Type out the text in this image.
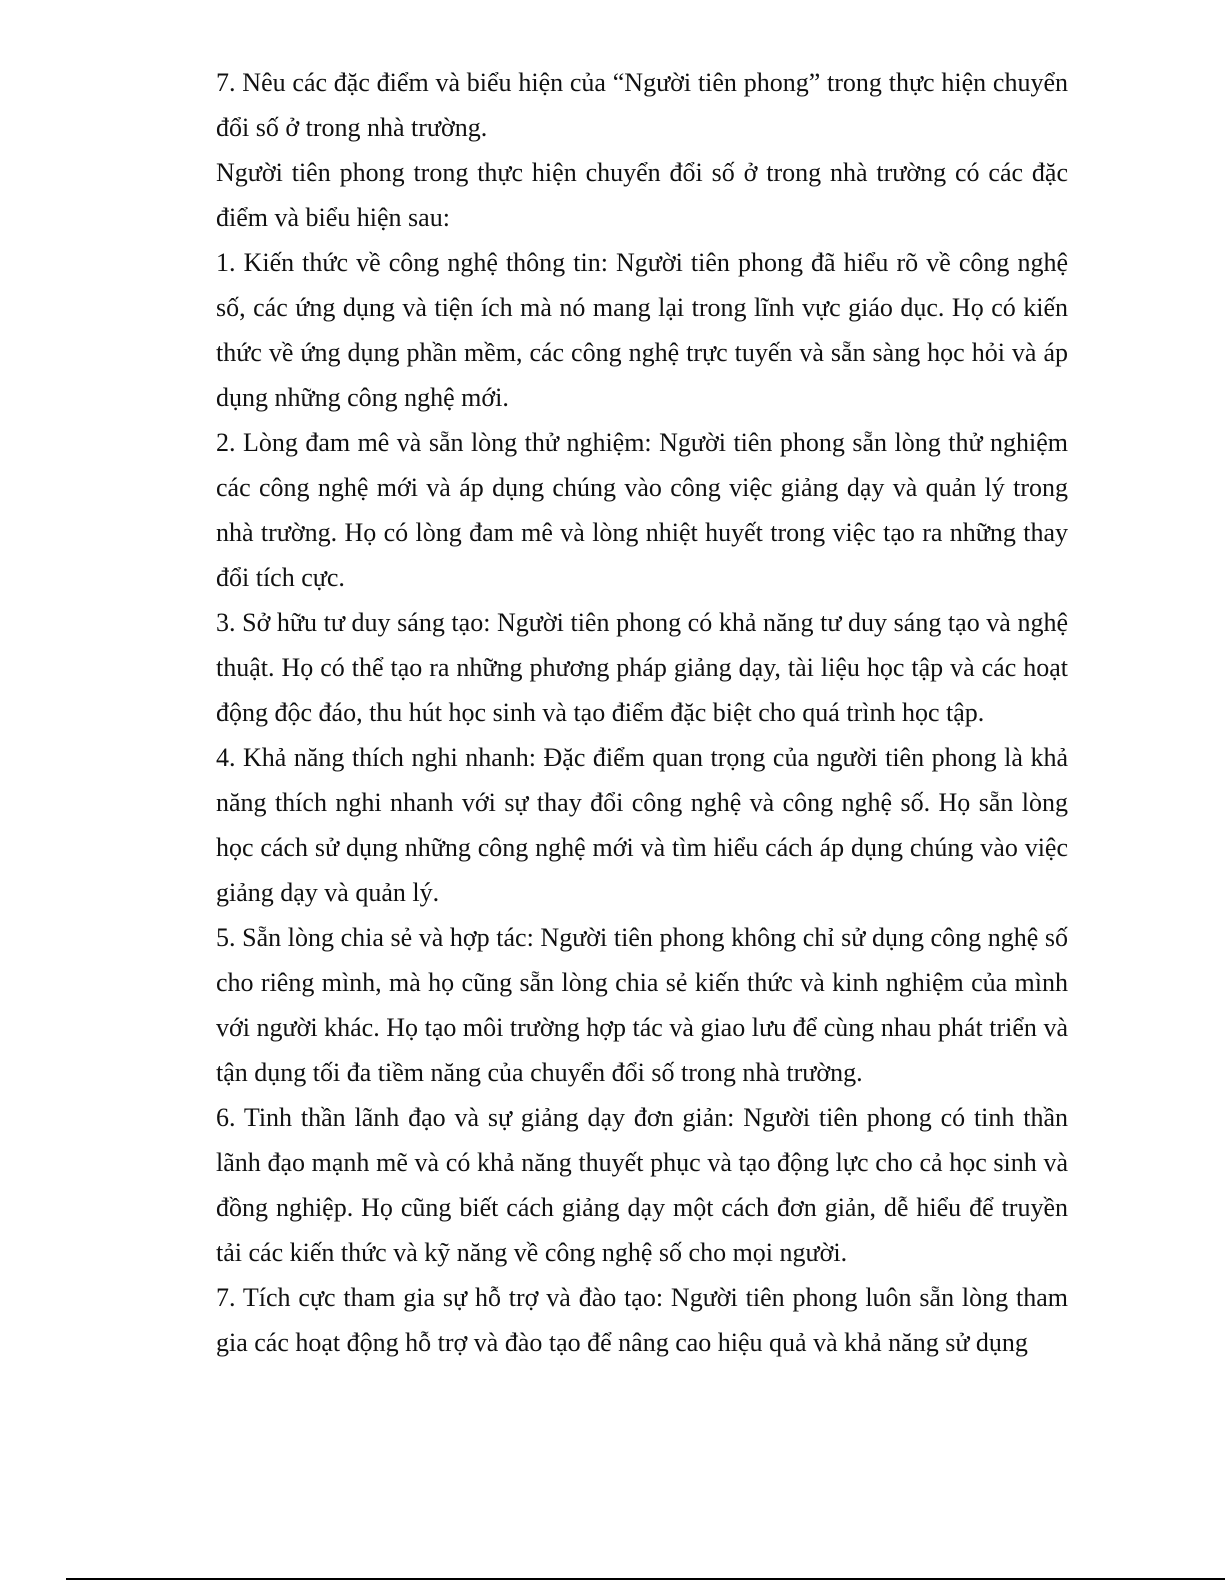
7. Nêu các đặc điểm và biểu hiện của “Người tiên phong” trong thực hiện chuyển đổi số ở trong nhà trường.

Người tiên phong trong thực hiện chuyển đổi số ở trong nhà trường có các đặc điểm và biểu hiện sau:

1. Kiến thức về công nghệ thông tin: Người tiên phong đã hiểu rõ về công nghệ số, các ứng dụng và tiện ích mà nó mang lại trong lĩnh vực giáo dục. Họ có kiến thức về ứng dụng phần mềm, các công nghệ trực tuyến và sẵn sàng học hỏi và áp dụng những công nghệ mới.

2. Lòng đam mê và sẵn lòng thử nghiệm: Người tiên phong sẵn lòng thử nghiệm các công nghệ mới và áp dụng chúng vào công việc giảng dạy và quản lý trong nhà trường. Họ có lòng đam mê và lòng nhiệt huyết trong việc tạo ra những thay đổi tích cực.

3. Sở hữu tư duy sáng tạo: Người tiên phong có khả năng tư duy sáng tạo và nghệ thuật. Họ có thể tạo ra những phương pháp giảng dạy, tài liệu học tập và các hoạt động độc đáo, thu hút học sinh và tạo điểm đặc biệt cho quá trình học tập.

4. Khả năng thích nghi nhanh: Đặc điểm quan trọng của người tiên phong là khả năng thích nghi nhanh với sự thay đổi công nghệ và công nghệ số. Họ sẵn lòng học cách sử dụng những công nghệ mới và tìm hiểu cách áp dụng chúng vào việc giảng dạy và quản lý.

5. Sẵn lòng chia sẻ và hợp tác: Người tiên phong không chỉ sử dụng công nghệ số cho riêng mình, mà họ cũng sẵn lòng chia sẻ kiến thức và kinh nghiệm của mình với người khác. Họ tạo môi trường hợp tác và giao lưu để cùng nhau phát triển và tận dụng tối đa tiềm năng của chuyển đổi số trong nhà trường.

6. Tinh thần lãnh đạo và sự giảng dạy đơn giản: Người tiên phong có tinh thần lãnh đạo mạnh mẽ và có khả năng thuyết phục và tạo động lực cho cả học sinh và đồng nghiệp. Họ cũng biết cách giảng dạy một cách đơn giản, dễ hiểu để truyền tải các kiến thức và kỹ năng về công nghệ số cho mọi người.

7. Tích cực tham gia sự hỗ trợ và đào tạo: Người tiên phong luôn sẵn lòng tham gia các hoạt động hỗ trợ và đào tạo để nâng cao hiệu quả và khả năng sử dụng
